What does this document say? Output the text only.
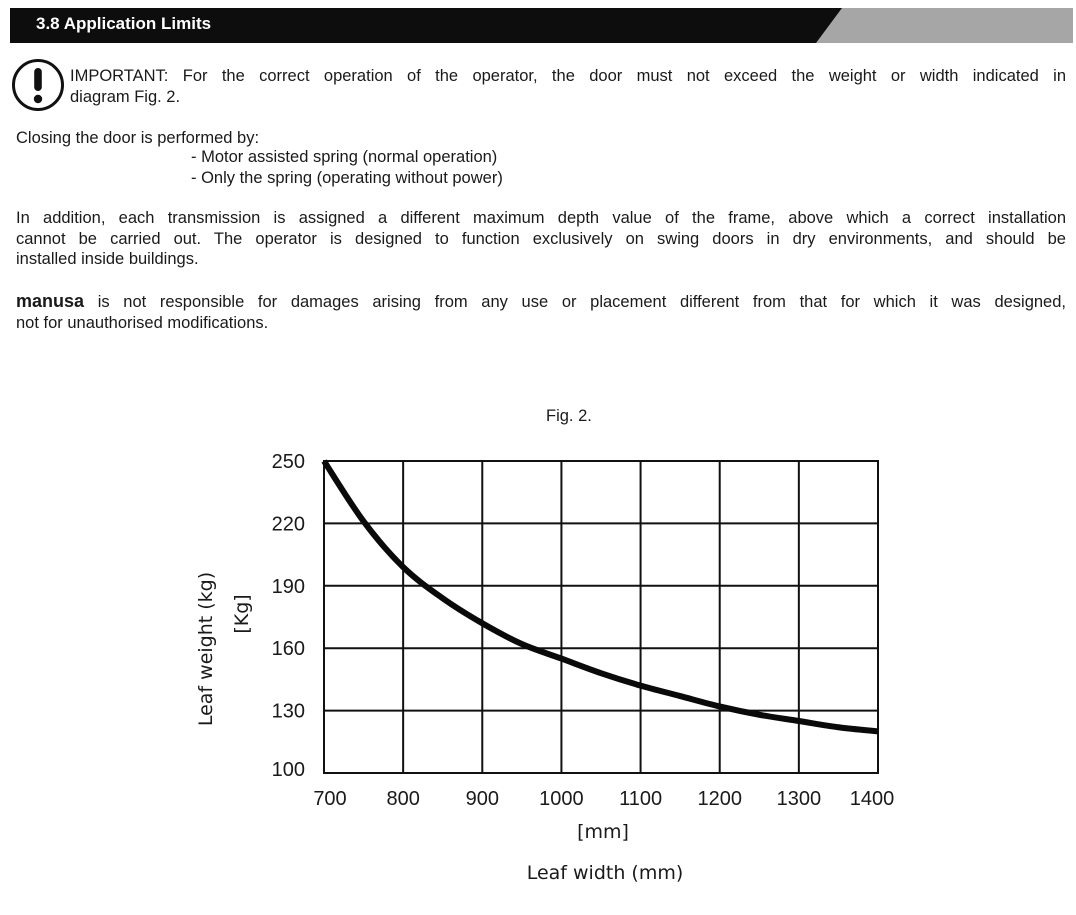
3.8 Application Limits
IMPORTANT: For the correct operation of the operator, the door must not exceed the weight or width indicated in
diagram Fig. 2.
Closing the door is performed by:
- Motor assisted spring (normal operation)
- Only the spring (operating without power)
In addition, each transmission is assigned a different maximum depth value of the frame, above which a correct installation
cannot be carried out. The operator is designed to function exclusively on swing doors in dry environments, and should be
installed inside buildings.
manusa is not responsible for damages arising from any use or placement different from that for which it was designed,
not for unauthorised modifications.
Fig. 2.
700 800 900 1000 1100 1200 1300 1400
100
130
160
190
220
250
[mm]
Leaf width (mm)
Leaf weight (kg) [Kg]
